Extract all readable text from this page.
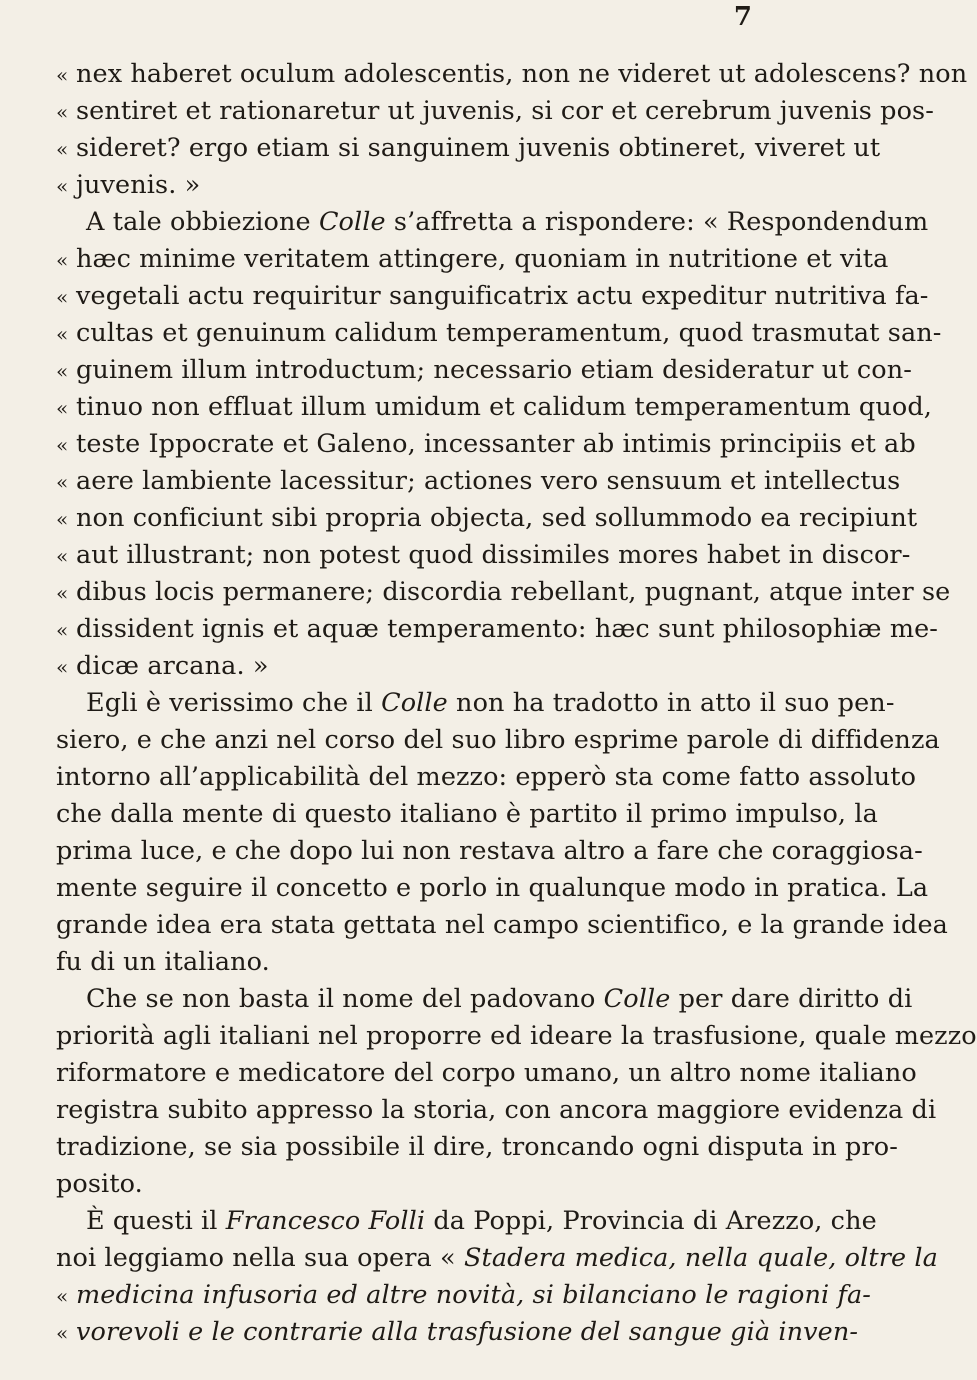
7
« nex haberet oculum adolescentis, non ne videret ut adolescens? non
« sentiret et rationaretur ut juvenis, si cor et cerebrum juvenis pos-
« sideret? ergo etiam si sanguinem juvenis obtineret, viveret ut
« juvenis. »
A tale obbiezione Colle s’affretta a rispondere: « Respondendum
« hæc minime veritatem attingere, quoniam in nutritione et vita
« vegetali actu requiritur sanguificatrix actu expeditur nutritiva fa-
« cultas et genuinum calidum temperamentum, quod trasmutat san-
« guinem illum introductum; necessario etiam desideratur ut con-
« tinuo non effluat illum umidum et calidum temperamentum quod,
« teste Ippocrate et Galeno, incessanter ab intimis principiis et ab
« aere lambiente lacessitur; actiones vero sensuum et intellectus
« non conficiunt sibi propria objecta, sed sollummodo ea recipiunt
« aut illustrant; non potest quod dissimiles mores habet in discor-
« dibus locis permanere; discordia rebellant, pugnant, atque inter se
« dissident ignis et aquæ temperamento: hæc sunt philosophiæ me-
« dicæ arcana. »
Egli è verissimo che il Colle non ha tradotto in atto il suo pen-
siero, e che anzi nel corso del suo libro esprime parole di diffidenza
intorno all’applicabilità del mezzo: epperò sta come fatto assoluto
che dalla mente di questo italiano è partito il primo impulso, la
prima luce, e che dopo lui non restava altro a fare che coraggiosa-
mente seguire il concetto e porlo in qualunque modo in pratica. La
grande idea era stata gettata nel campo scientifico, e la grande idea
fu di un italiano.
Che se non basta il nome del padovano Colle per dare diritto di
priorità agli italiani nel proporre ed ideare la trasfusione, quale mezzo
riformatore e medicatore del corpo umano, un altro nome italiano
registra subito appresso la storia, con ancora maggiore evidenza di
tradizione, se sia possibile il dire, troncando ogni disputa in pro-
posito.
È questi il Francesco Folli da Poppi, Provincia di Arezzo, che
noi leggiamo nella sua opera « Stadera medica, nella quale, oltre la
« medicina infusoria ed altre novità, si bilanciano le ragioni fa-
« vorevoli e le contrarie alla trasfusione del sangue già inven-
